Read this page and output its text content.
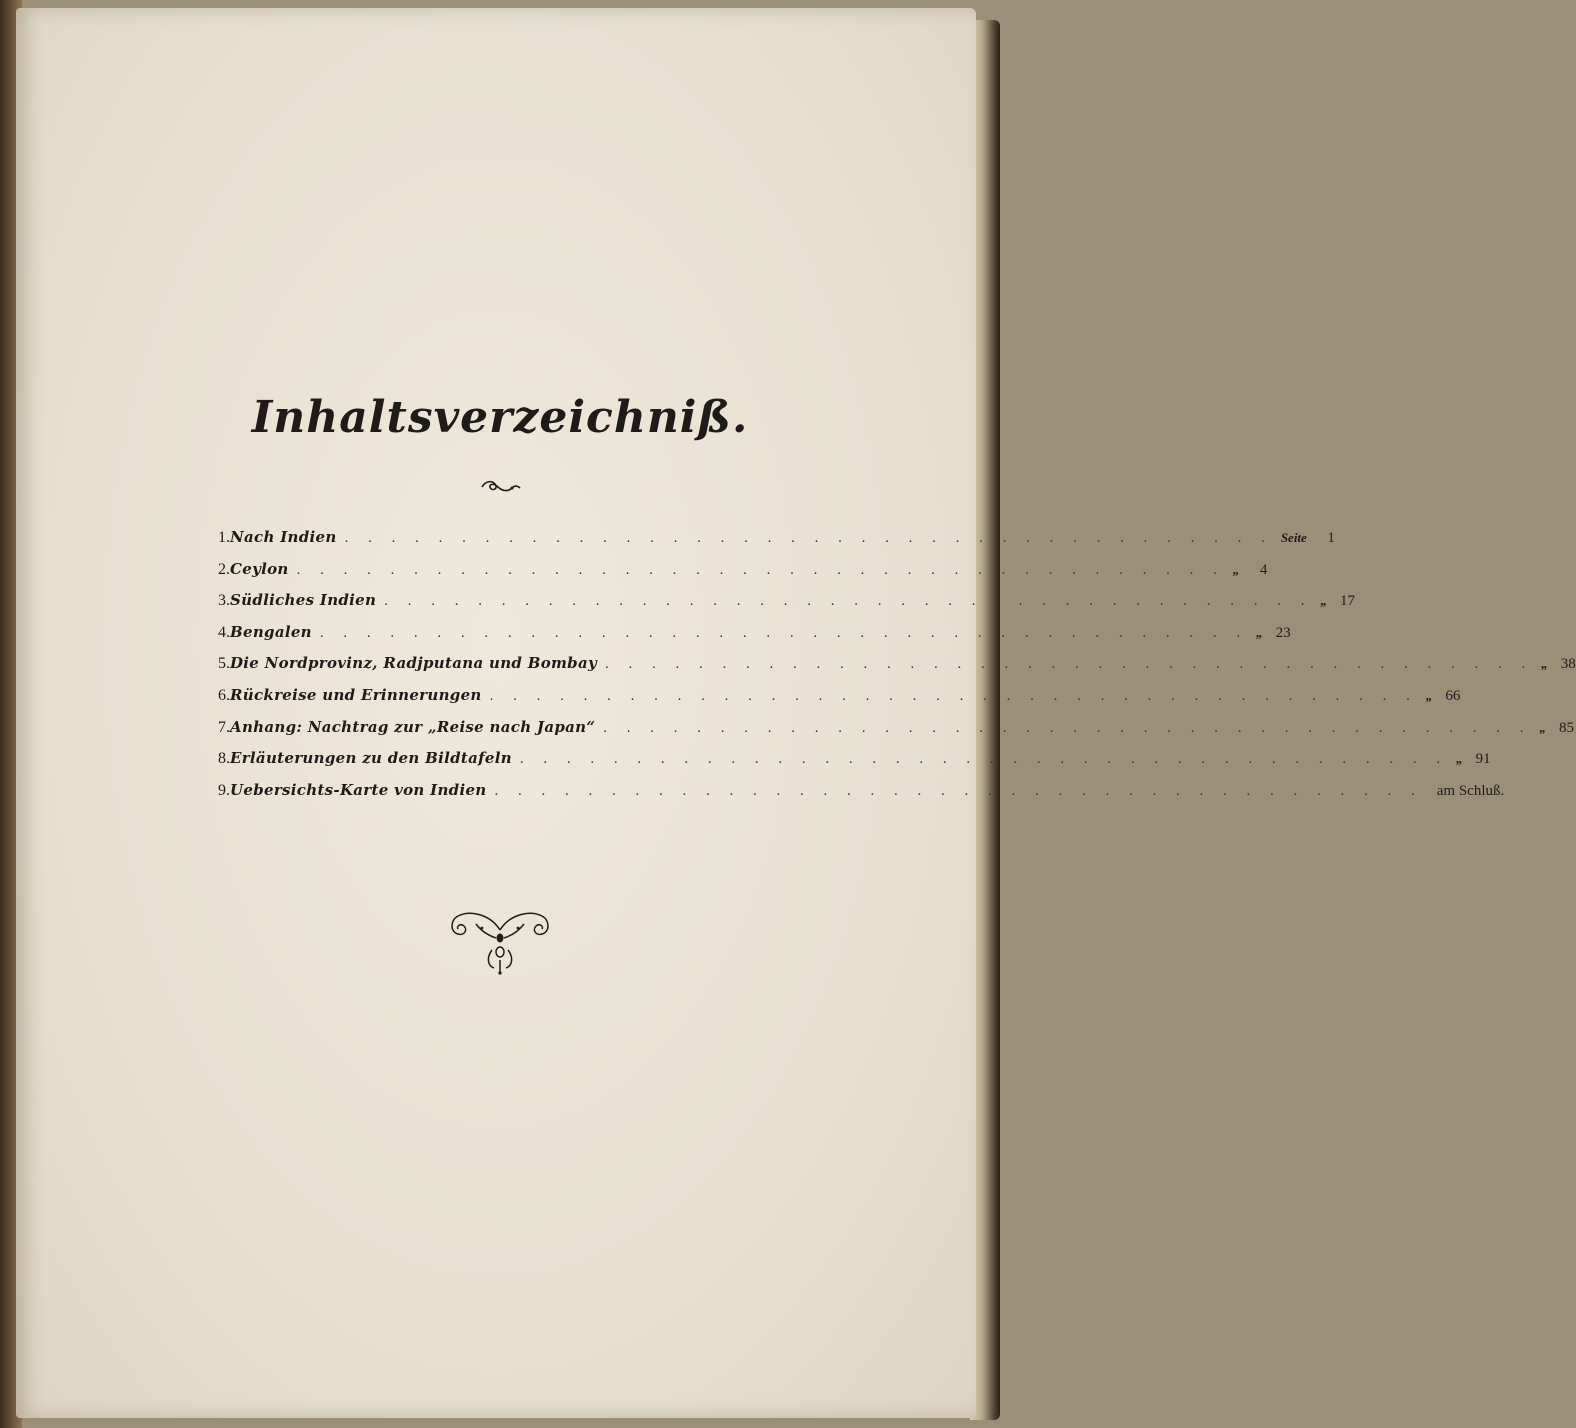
Inhaltsverzeichniß.
1. Nach Indien . . . . . . . . . . . . . . . . . . . . . . . . . . . . . . . . . . . . . . . . Seite	1
2. Ceylon . . . . . . . . . . . . . . . . . . . . . . . . . . . . . . . . . . . . . . . . „	4
3. Südliches Indien . . . . . . . . . . . . . . . . . . . . . . . . . . . . . . . . . . . . . . . . „ 17
4. Bengalen . . . . . . . . . . . . . . . . . . . . . . . . . . . . . . . . . . . . . . . . „ 23
5. Die Nordprovinz, Radjputana und Bombay . . . . . . . . . . . . . . . . . . . . . . . . . . . . . . . . . . . . . . . . „ 38
6. Rückreise und Erinnerungen . . . . . . . . . . . . . . . . . . . . . . . . . . . . . . . . . . . . . . . . „ 66
7. Anhang: Nachtrag zur „Reise nach Japan“ . . . . . . . . . . . . . . . . . . . . . . . . . . . . . . . . . . . . . . . . „ 85
8. Erläuterungen zu den Bildtafeln . . . . . . . . . . . . . . . . . . . . . . . . . . . . . . . . . . . . . . . . „ 91
9. Uebersichts-Karte von Indien . . . . . . . . . . . . . . . . . . . . . . . . . . . . . . . . . . . . . . . . am Schluß.
